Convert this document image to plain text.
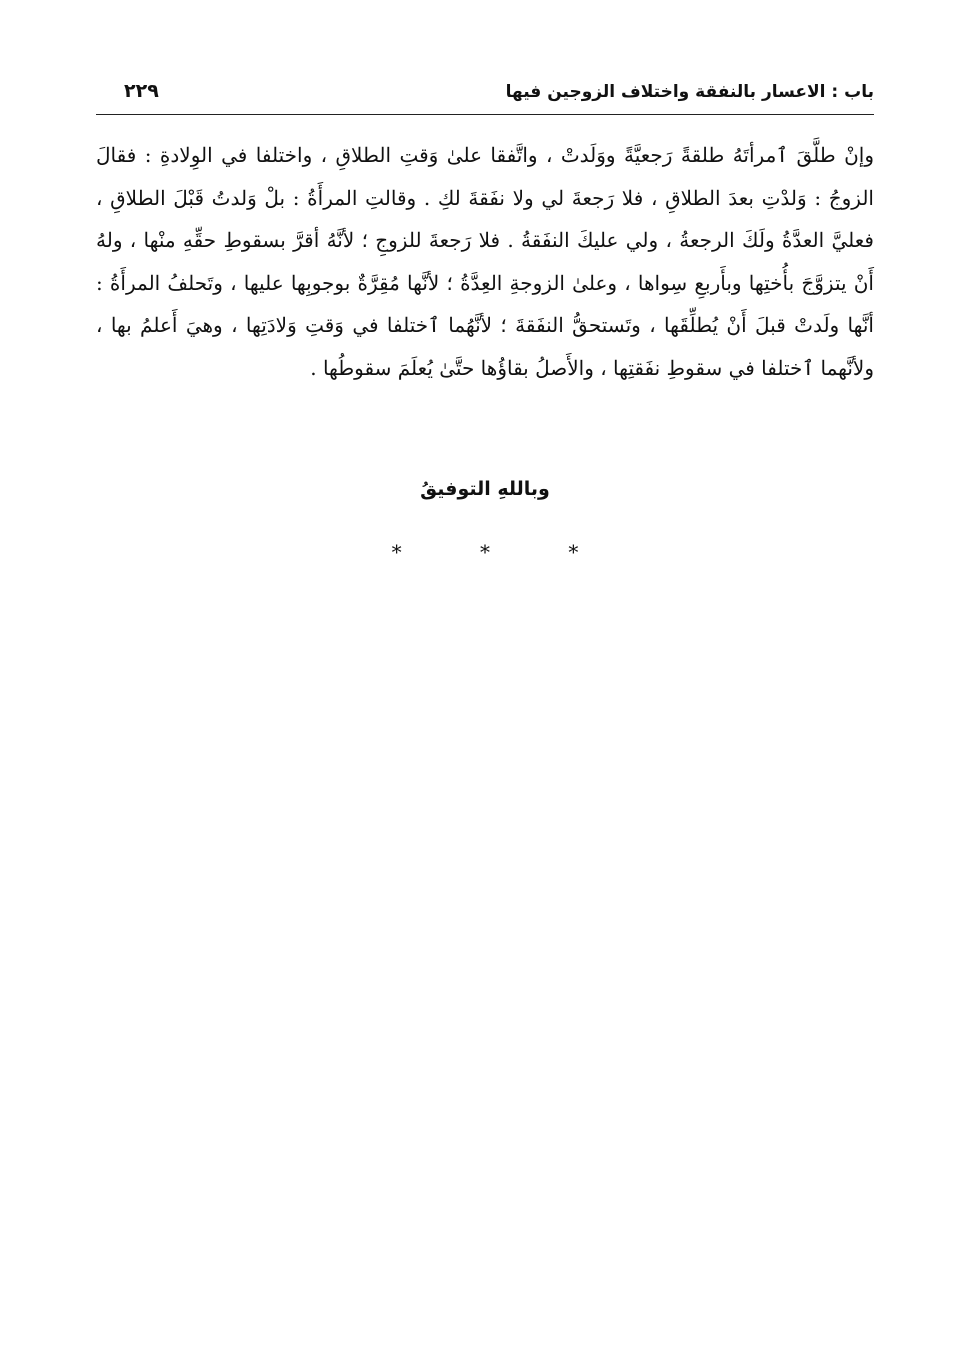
باب : الاعسار بالنفقة واختلاف الزوجين فيها
٢٢٩

وإنْ طلَّقَ ٱمرأتَهُ طلقةً رَجعيَّةً ووَلَدتْ ، واتَّفقا علىٰ وَقتِ الطلاقِ ، واختلفا في الوِلادةِ : فقالَ الزوجُ : وَلدْتِ بعدَ الطلاقِ ، فلا رَجعةَ لي ولا نفَقةَ لكِ . وقالتِ المرأَةُ : بلْ وَلدتُ قَبْلَ الطلاقِ ، فعليَّ العدَّةُ ولَكَ الرجعةُ ، ولي عليكَ النفَقةُ . فلا رَجعةَ للزوجِ ؛ لأنَّهُ أقرَّ بسقوطِ حقِّهِ منْها ، ولهُ أَنْ يتزوَّجَ بأُختِها وبأَربعِ سِواها ، وعلىٰ الزوجةِ العِدَّةُ ؛ لأنَّها مُقِرَّةٌ بوجوبِها عليها ، وتَحلفُ المرأَةُ : أنَّها ولَدتْ قبلَ أَنْ يُطلِّقَها ، وتَستحقُّ النفَقةَ ؛ لأنَّهُما ٱختلفا في وَقتِ وَلادَتِها ، وهيَ أَعلمُ بها ، ولأنَّهما ٱختلفا في سقوطِ نفَقتِها ، والأَصلُ بقاؤُها حتَّىٰ يُعلَمَ سقوطُها .

وباللهِ التوفيقُ
* * *
